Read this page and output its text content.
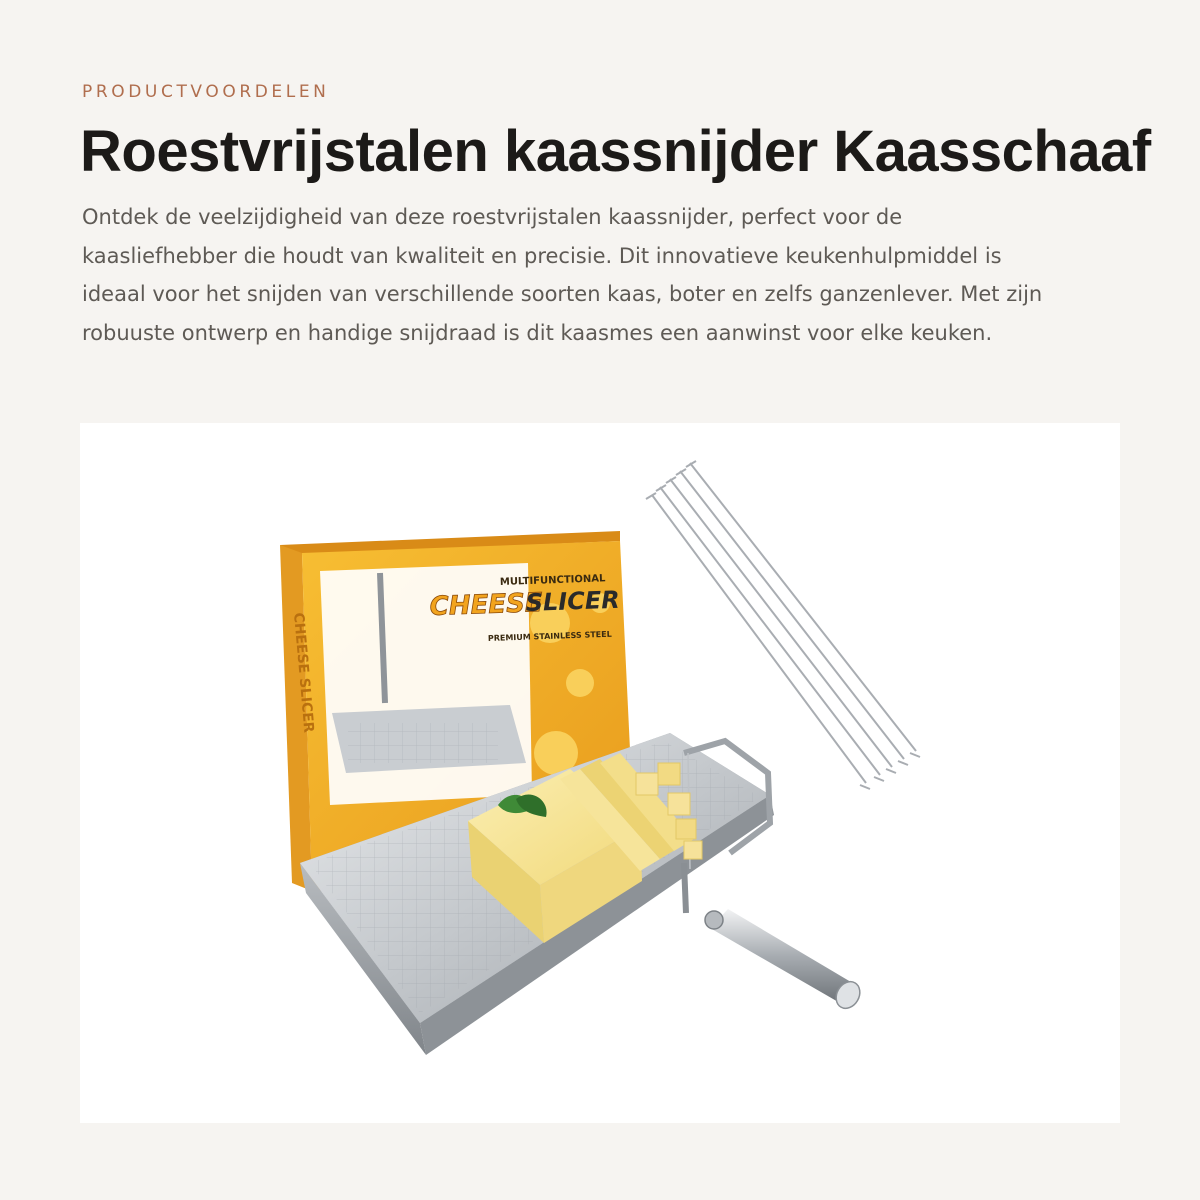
PRODUCTVOORDELEN
Roestvrijstalen kaassnijder Kaasschaaf

Ontdek de veelzijdigheid van deze roestvrijstalen kaassnijder, perfect voor de kaasliefhebber die houdt van kwaliteit en precisie. Dit innovatieve keukenhulpmiddel is ideaal voor het snijden van verschillende soorten kaas, boter en zelfs ganzenlever. Met zijn robuuste ontwerp en handige snijdraad is dit kaasmes een aanwinst voor elke keuken.

MULTIFUNCTIONAL
CHEESE
SLICER
PREMIUM STAINLESS STEEL
CHEESE SLICER
